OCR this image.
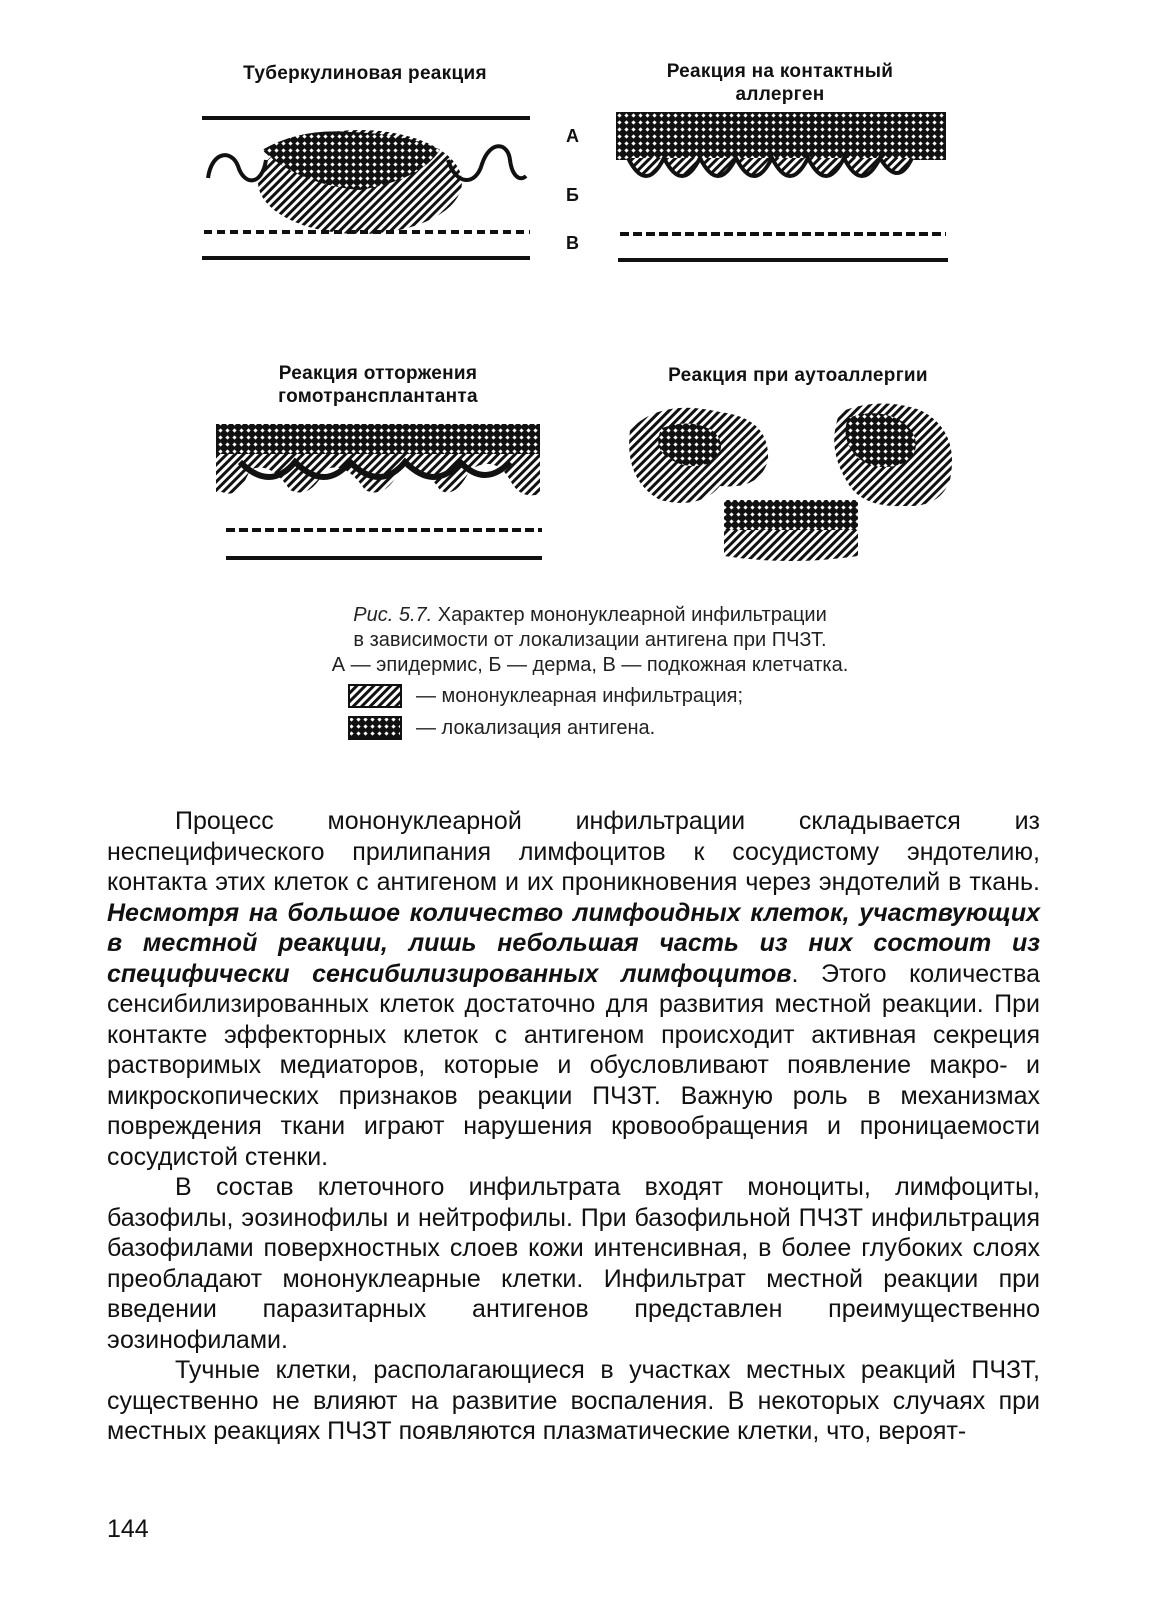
Туберкулиновая реакция	Реакция на контактный
аллерген
Реакция отторжения
гомотрансплантанта
Реакция при аутоаллергии
А
Б
В
Рис. 5.7. Характер мононуклеарной инфильтрации
в зависимости от локализации антигена при ПЧЗТ.
А — эпидермис, Б — дерма, В — подкожная клетчатка.
— мононуклеарная инфильтрация;
— локализация антигена.

Процесс мононуклеарной инфильтрации складывается из неспецифического прилипания лимфоцитов к сосудистому эндотелию, контакта этих клеток с антигеном и их проникновения через эндотелий в ткань. Несмотря на большое количество лимфоидных клеток, участвующих в местной реакции, лишь небольшая часть из них состоит из специфически сенсибилизированных лимфоцитов. Этого количества сенсибилизированных клеток достаточно для развития местной реакции. При контакте эффекторных клеток с антигеном происходит активная секреция растворимых медиаторов, которые и обусловливают появление макро- и микроскопических признаков реакции ПЧЗТ. Важную роль в механизмах повреждения ткани играют нарушения кровообращения и проницаемости сосудистой стенки.

В состав клеточного инфильтрата входят моноциты, лимфоциты, базофилы, эозинофилы и нейтрофилы. При базофильной ПЧЗТ инфильтрация базофилами поверхностных слоев кожи интенсивная, в более глубоких слоях преобладают мононуклеарные клетки. Инфильтрат местной реакции при введении паразитарных антигенов представлен преимущественно эозинофилами.

Тучные клетки, располагающиеся в участках местных реакций ПЧЗТ, существенно не влияют на развитие воспаления. В некоторых случаях при местных реакциях ПЧЗТ появляются плазматические клетки, что, вероят-

144
